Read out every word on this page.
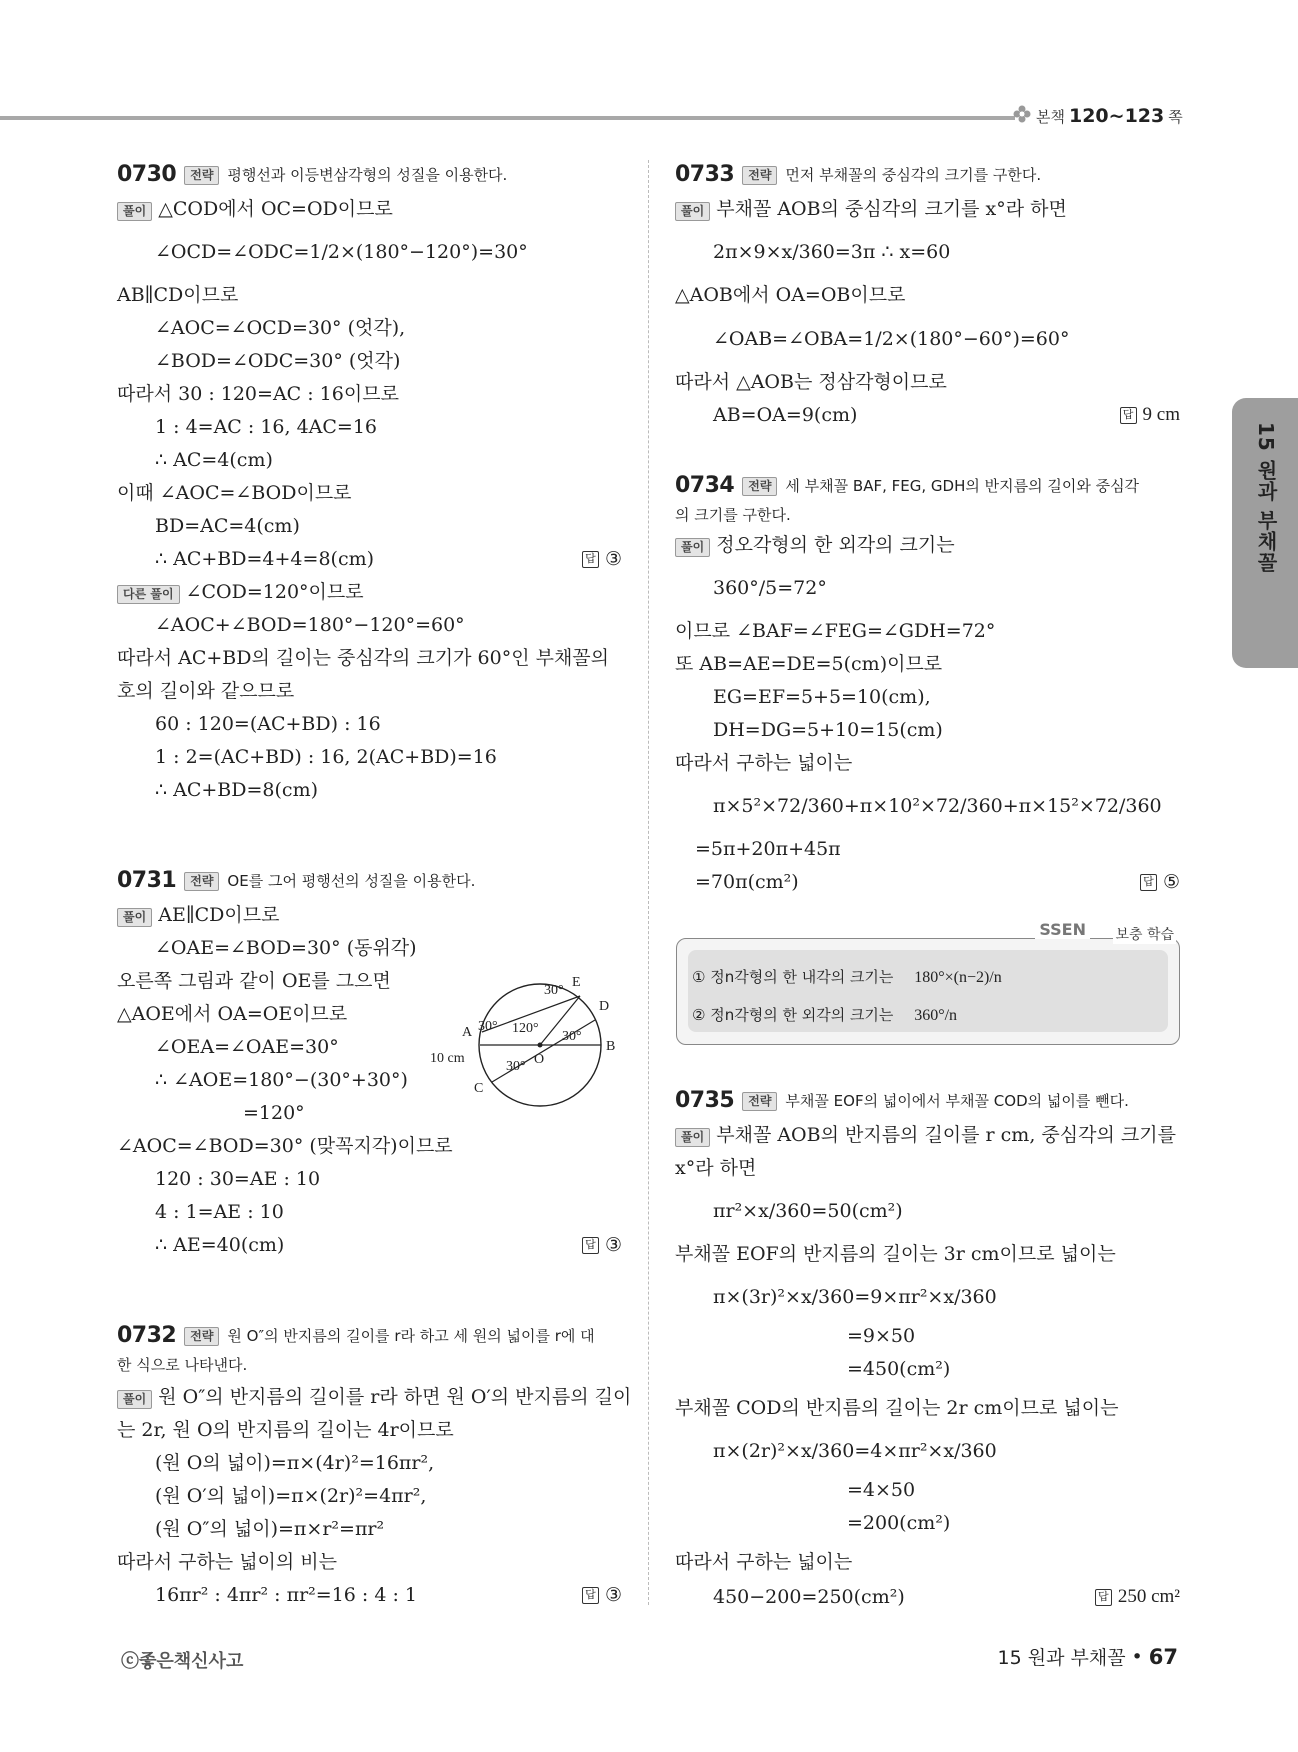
본책 120~123 쪽
15 원과 부채꼴
0730	전략 평행선과 이등변삼각형의 성질을 이용한다.
풀이 △COD에서 OC=OD이므로
∠OCD=∠ODC=1/2×(180°−120°)=30°
AB∥CD이므로
∠AOC=∠OCD=30° (엇각),
∠BOD=∠ODC=30° (엇각)
따라서 30 : 120=AC : 16이므로
1 : 4=AC : 16, 4AC=16
∴ AC=4(cm)
이때 ∠AOC=∠BOD이므로
BD=AC=4(cm)
∴ AC+BD=4+4=8(cm)	답 ③
다른 풀이 ∠COD=120°이므로
∠AOC+∠BOD=180°−120°=60°
따라서 AC+BD의 길이는 중심각의 크기가 60°인 부채꼴의
호의 길이와 같으므로
60 : 120=(AC+BD) : 16
1 : 2=(AC+BD) : 16, 2(AC+BD)=16
∴ AC+BD=8(cm)
0731	전략 OE를 그어 평행선의 성질을 이용한다.
풀이 AE∥CD이므로
∠OAE=∠BOD=30° (동위각)
오른쪽 그림과 같이 OE를 그으면
△AOE에서 OA=OE이므로
∠OEA=∠OAE=30°
∴ ∠AOE=180°−(30°+30°)
=120°
∠AOC=∠BOD=30° (맞꼭지각)이므로
120 : 30=AE : 10
4 : 1=AE : 10
∴ AE=40(cm)	답 ③
0732	전략 원 O″의 반지름의 길이를 r라 하고 세 원의 넓이를 r에 대
한 식으로 나타낸다.
풀이 원 O″의 반지름의 길이를 r라 하면 원 O′의 반지름의 길이
는 2r, 원 O의 반지름의 길이는 4r이므로
(원 O의 넓이)=π×(4r)²=16πr²,
(원 O′의 넓이)=π×(2r)²=4πr²,
(원 O″의 넓이)=π×r²=πr²
따라서 구하는 넓이의 비는
16πr² : 4πr² : πr²=16 : 4 : 1	답 ③
30°
30° 120°
30°
30°
E
D
B
A
C
O
10 cm
0733	전략 먼저 부채꼴의 중심각의 크기를 구한다.
풀이 부채꼴 AOB의 중심각의 크기를 x°라 하면
2π×9×x/360=3π ∴ x=60
△AOB에서 OA=OB이므로
∠OAB=∠OBA=1/2×(180°−60°)=60°
따라서 △AOB는 정삼각형이므로
AB=OA=9(cm)	답 9 cm
0734	전략 세 부채꼴 BAF, FEG, GDH의 반지름의 길이와 중심각
의 크기를 구한다.
풀이 정오각형의 한 외각의 크기는
360°/5=72°
이므로 ∠BAF=∠FEG=∠GDH=72°
또 AB=AE=DE=5(cm)이므로
EG=EF=5+5=10(cm),
DH=DG=5+10=15(cm)
따라서 구하는 넓이는
π×5²×72/360+π×10²×72/360+π×15²×72/360
=5π+20π+45π
=70π(cm²)	답 ⑤
0735	전략 부채꼴 EOF의 넓이에서 부채꼴 COD의 넓이를 뺀다.
풀이 부채꼴 AOB의 반지름의 길이를 r cm, 중심각의 크기를
x°라 하면
πr²×x/360=50(cm²)
부채꼴 EOF의 반지름의 길이는 3r cm이므로 넓이는
π×(3r)²×x/360=9×πr²×x/360
=9×50
=450(cm²)
부채꼴 COD의 반지름의 길이는 2r cm이므로 넓이는
π×(2r)²×x/360=4×πr²×x/360
=4×50
=200(cm²)
따라서 구하는 넓이는
450−200=250(cm²)	답 250 cm²
SSEN 보충 학습
① 정n각형의 한 내각의 크기는 180°×(n−2)/n
② 정n각형의 한 외각의 크기는 360°/n
ⓒ좋은책신사고	15 원과 부채꼴 • 67
